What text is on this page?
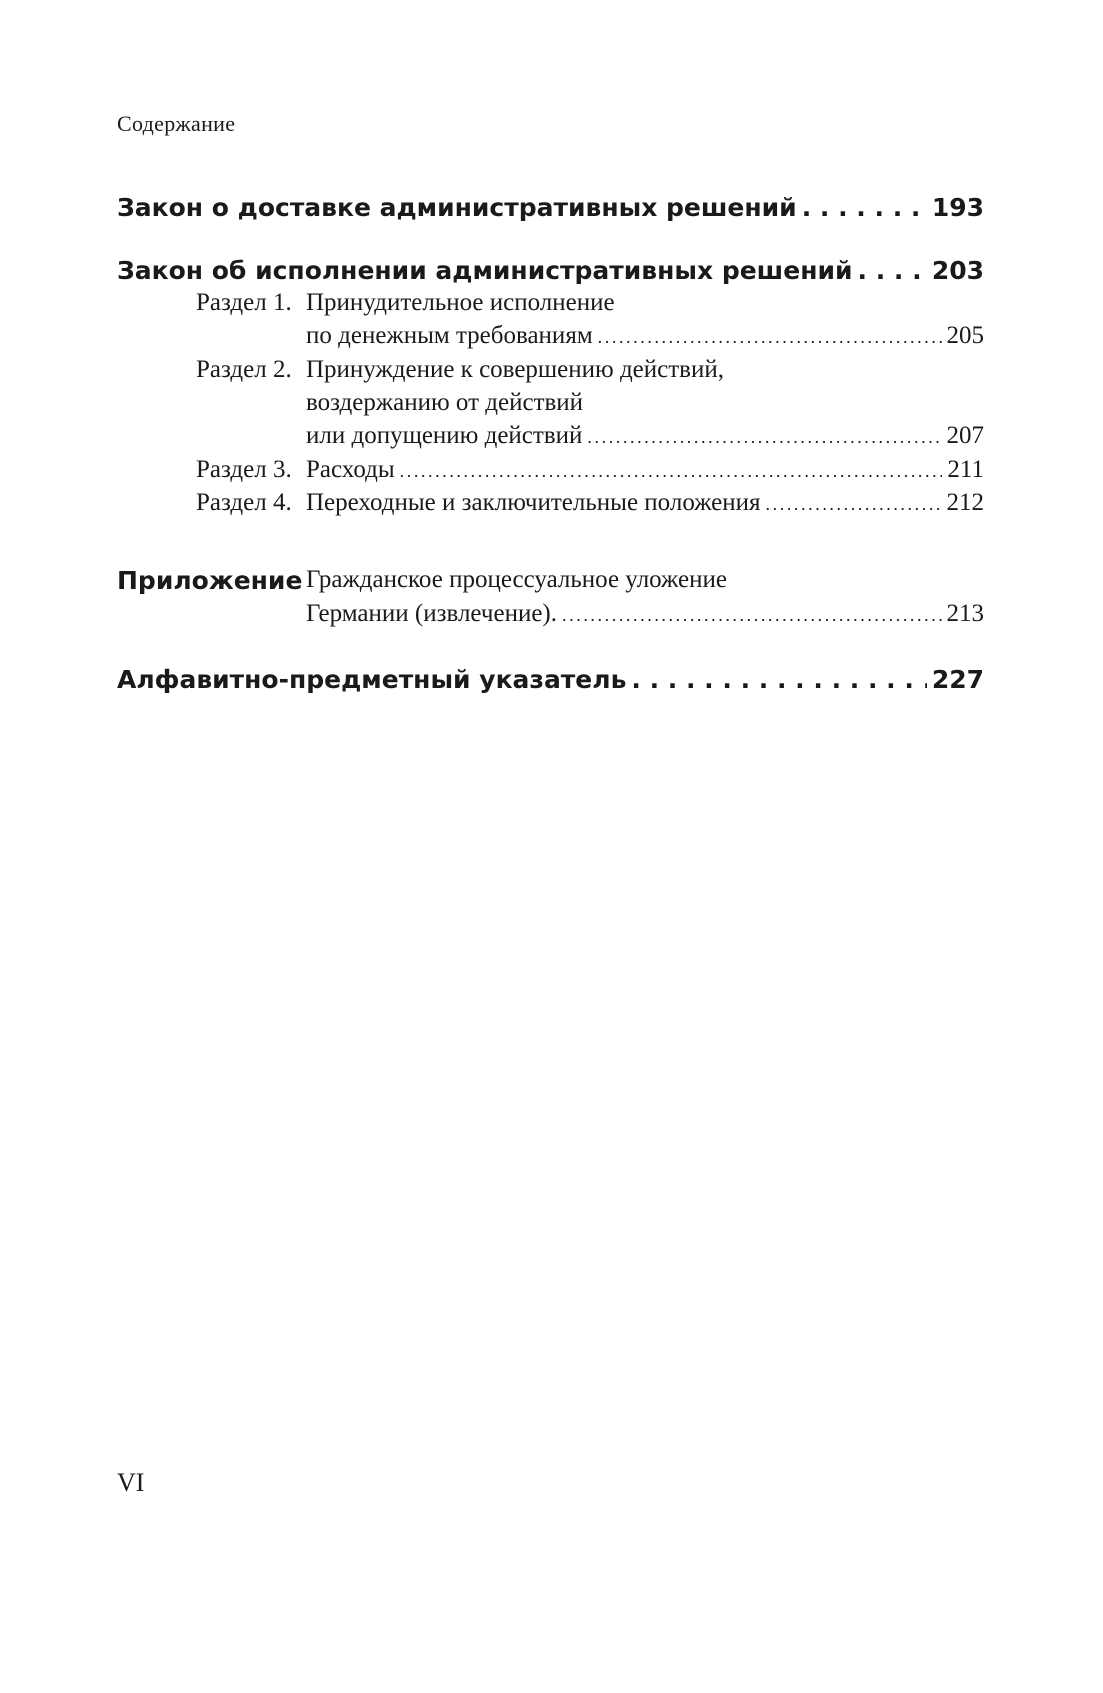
Содержание
Закон о доставке административных решений . . .	193
Закон об исполнении административных решений . . .	203
Раздел 1. Принудительное исполнение
по денежным требованиям .....	205
Раздел 2. Принуждение к совершению действий,
воздержанию от действий
или допущению действий .....	207
Раздел 3. Расходы .....	211
Раздел 4. Переходные и заключительные положения .....	212
Приложение Гражданское процессуальное уложение
Германии (извлечение). .....	213
Алфавитно-предметный указатель . . .	227
VI
